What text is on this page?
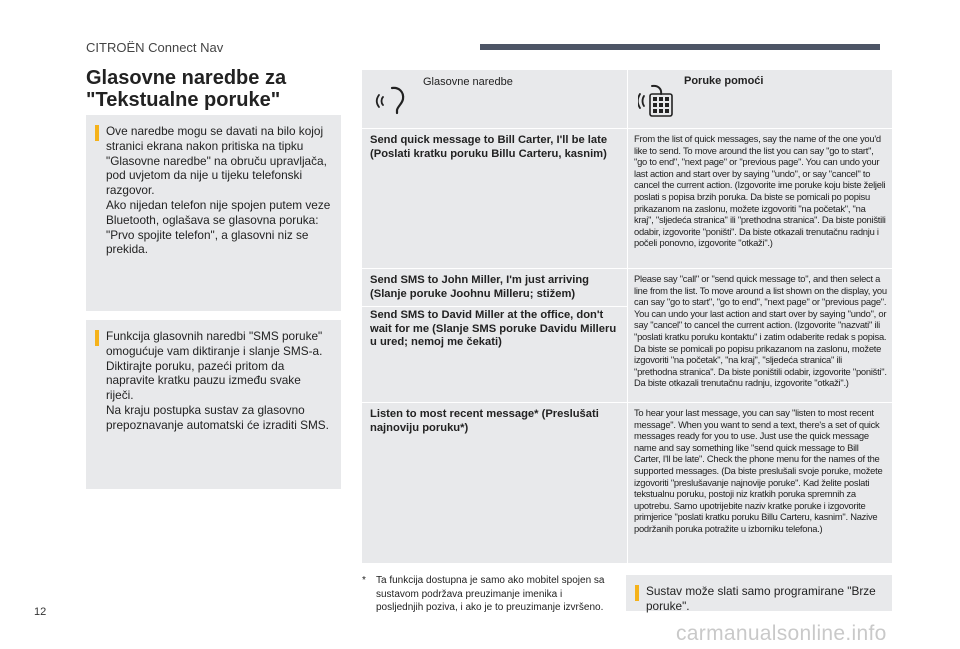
CITROËN Connect Nav
Glasovne naredbe za "Tekstualne poruke"

Ove naredbe mogu se davati na bilo kojoj stranici ekrana nakon pritiska na tipku "Glasovne naredbe" na obruču upravljača, pod uvjetom da nije u tijeku telefonski razgovor.

Ako nijedan telefon nije spojen putem veze Bluetooth, oglašava se glasovna poruka: "Prvo spojite telefon", a glasovni niz se prekida.

Funkcija glasovnih naredbi "SMS poruke" omogućuje vam diktiranje i slanje SMS-a. Diktirajte poruku, pazeći pritom da napravite kratku pauzu između svake riječi.

Na kraju postupka sustav za glasovno prepoznavanje automatski će izraditi SMS.

Glasovne naredbe	Poruke pomoći
Send quick message to Bill Carter, I'll be late (Poslati kratku poruku Billu Carteru, kasnim)
From the list of quick messages, say the name of the one you'd like to send. To move around the list you can say "go to start", "go to end", "next page" or "previous page". You can undo your last action and start over by saying "undo", or say "cancel" to cancel the current action. (Izgovorite ime poruke koju biste željeli poslati s popisa brzih poruka. Da biste se pomicali po popisu prikazanom na zaslonu, možete izgovoriti "na početak", "na kraj", "sljedeća stranica" ili "prethodna stranica". Da biste poništili odabir, izgovorite "poništi". Da biste otkazali trenutačnu radnju i počeli ponovno, izgovorite "otkaži".)
Send SMS to John Miller, I'm just arriving (Slanje poruke Joohnu Milleru; stižem)
Send SMS to David Miller at the office, don't wait for me (Slanje SMS poruke Davidu Milleru u ured; nemoj me čekati)
Please say "call" or "send quick message to", and then select a line from the list. To move around a list shown on the display, you can say "go to start", "go to end", "next page" or "previous page". You can undo your last action and start over by saying "undo", or say "cancel" to cancel the current action. (Izgovorite "nazvati" ili "poslati kratku poruku kontaktu" i zatim odaberite redak s popisa. Da biste se pomicali po popisu prikazanom na zaslonu, možete izgovoriti "na početak", "na kraj", "sljedeća stranica" ili "prethodna stranica". Da biste poništili odabir, izgovorite "poništi". Da biste otkazali trenutačnu radnju, izgovorite "otkaži".)
Listen to most recent message* (Preslušati najnoviju poruku*)
To hear your last message, you can say "listen to most recent message". When you want to send a text, there's a set of quick messages ready for you to use. Just use the quick message name and say something like "send quick message to Bill Carter, I'll be late". Check the phone menu for the names of the supported messages. (Da biste preslušali svoje poruke, možete izgovoriti "preslušavanje najnovije poruke". Kad želite poslati tekstualnu poruku, postoji niz kratkih poruka spremnih za upotrebu. Samo upotrijebite naziv kratke poruke i izgovorite primjerice "poslati kratku poruku Billu Carteru, kasnim". Nazive podržanih poruka potražite u izborniku telefona.)
* Ta funkcija dostupna je samo ako mobitel spojen sa sustavom podržava preuzimanje imenika i posljednjih poziva, i ako je to preuzimanje izvršeno.

Sustav može slati samo programirane "Brze poruke".

12
carmanualsonline.info
